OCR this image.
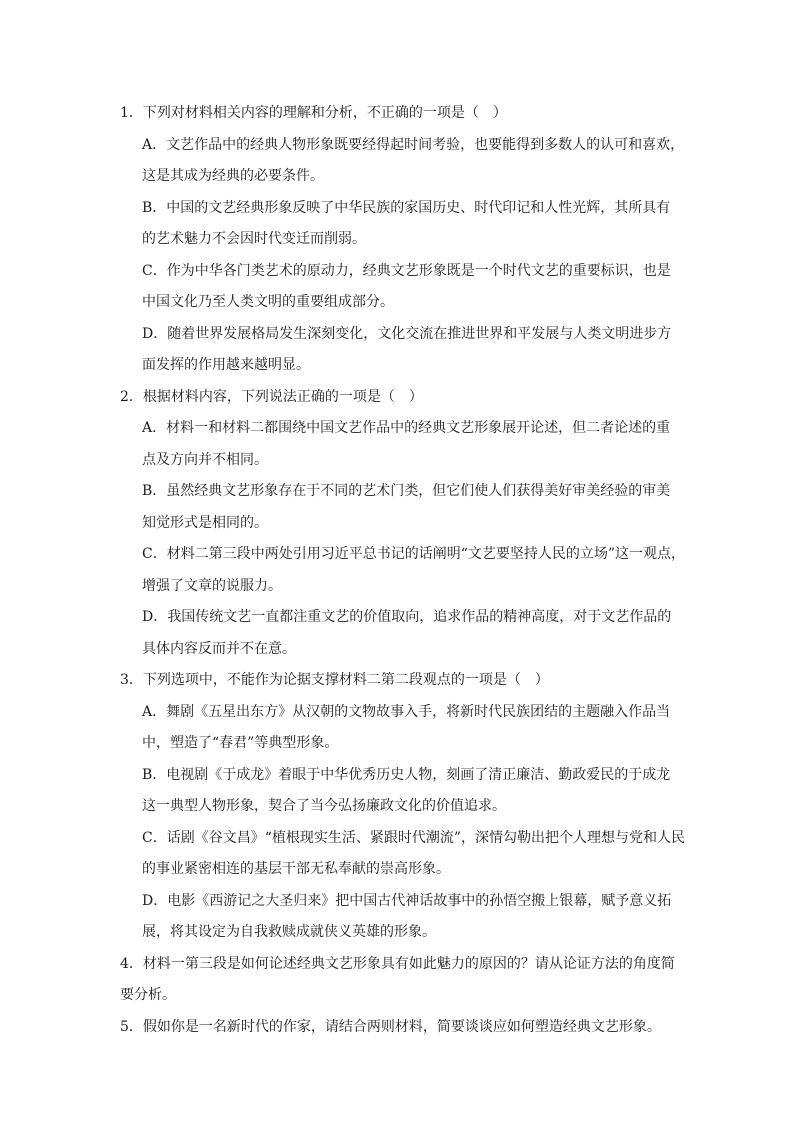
1．下列对材料相关内容的理解和分析，不正确的一项是（　）
A．文艺作品中的经典人物形象既要经得起时间考验，也要能得到多数人的认可和喜欢，
这是其成为经典的必要条件。
B．中国的文艺经典形象反映了中华民族的家国历史、时代印记和人性光辉，其所具有
的艺术魅力不会因时代变迁而削弱。
C．作为中华各门类艺术的原动力，经典文艺形象既是一个时代文艺的重要标识，也是
中国文化乃至人类文明的重要组成部分。
D．随着世界发展格局发生深刻变化，文化交流在推进世界和平发展与人类文明进步方
面发挥的作用越来越明显。
2．根据材料内容，下列说法正确的一项是（　）
A．材料一和材料二都围绕中国文艺作品中的经典文艺形象展开论述，但二者论述的重
点及方向并不相同。
B．虽然经典文艺形象存在于不同的艺术门类，但它们使人们获得美好审美经验的审美
知觉形式是相同的。
C．材料二第三段中两处引用习近平总书记的话阐明“文艺要坚持人民的立场”这一观点，
增强了文章的说服力。
D．我国传统文艺一直都注重文艺的价值取向，追求作品的精神高度，对于文艺作品的
具体内容反而并不在意。
3．下列选项中，不能作为论据支撑材料二第二段观点的一项是（　）
A．舞剧《五星出东方》从汉朝的文物故事入手，将新时代民族团结的主题融入作品当
中，塑造了“春君”等典型形象。
B．电视剧《于成龙》着眼于中华优秀历史人物，刻画了清正廉洁、勤政爱民的于成龙
这一典型人物形象，契合了当今弘扬廉政文化的价值追求。
C．话剧《谷文昌》“植根现实生活、紧跟时代潮流”，深情勾勒出把个人理想与党和人民
的事业紧密相连的基层干部无私奉献的崇高形象。
D．电影《西游记之大圣归来》把中国古代神话故事中的孙悟空搬上银幕，赋予意义拓
展，将其设定为自我救赎成就侠义英雄的形象。
4．材料一第三段是如何论述经典文艺形象具有如此魅力的原因的？请从论证方法的角度简
要分析。
5．假如你是一名新时代的作家，请结合两则材料，简要谈谈应如何塑造经典文艺形象。
